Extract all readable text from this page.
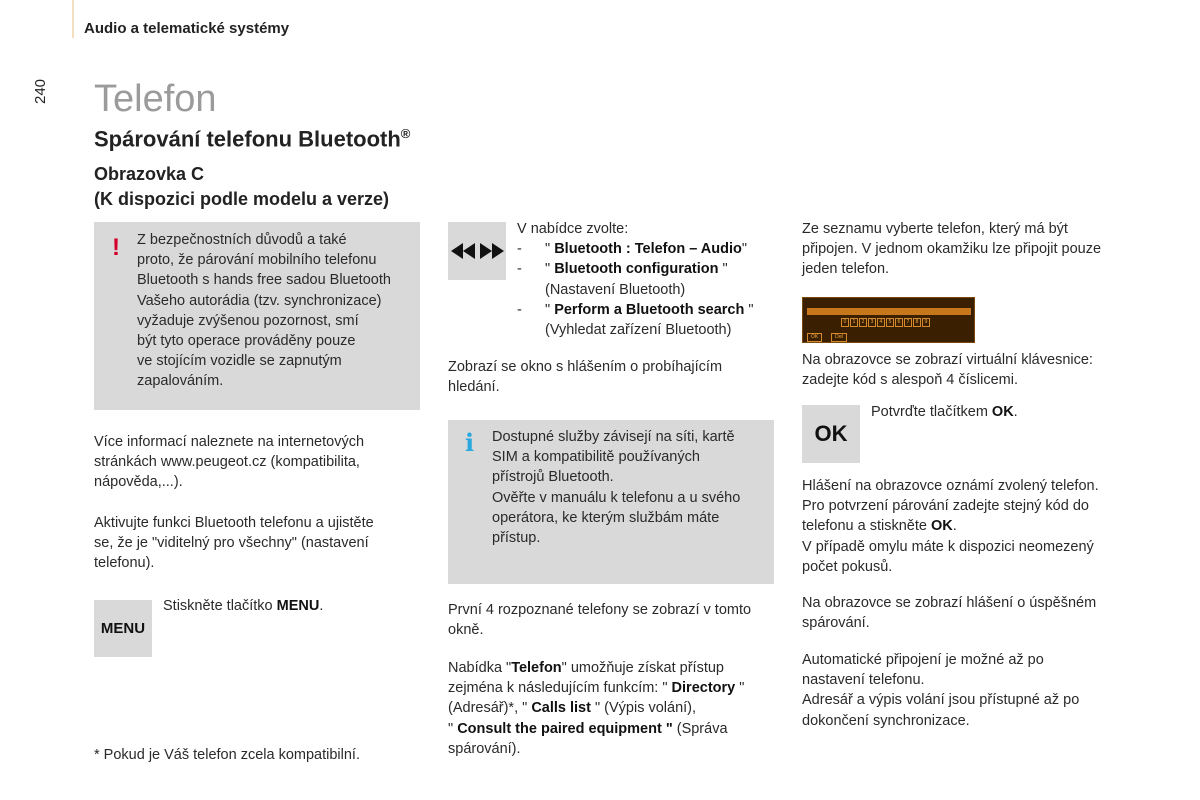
Audio a telematické systémy
240 Telefon
Spárování telefonu Bluetooth®
Obrazovka C
(K dispozici podle modelu a verze)
! Z bezpečnostních důvodů a také
proto, že párování mobilního telefonu
Bluetooth s hands free sadou Bluetooth
Vašeho autorádia (tzv. synchronizace)
vyžaduje zvýšenou pozornost, smí
být tyto operace prováděny pouze
ve stojícím vozidle se zapnutým
zapalováním.
Více informací naleznete na internetových
stránkách www.peugeot.cz (kompatibilita,
nápověda,...).
Aktivujte funkci Bluetooth telefonu a ujistěte
se, že je "viditelný pro všechny" (nastavení
telefonu).
MENU
Stiskněte tlačítko MENU.
* Pokud je Váš telefon zcela kompatibilní.
V nabídce zvolte:
-	" Bluetooth : Telefon – Audio"
-	" Bluetooth configuration "
(Nastavení Bluetooth)
-	" Perform a Bluetooth search "
(Vyhledat zařízení Bluetooth)
Zobrazí se okno s hlášením o probíhajícím
hledání.
i Dostupné služby závisejí na síti, kartě
SIM a kompatibilitě používaných
přístrojů Bluetooth.
Ověřte v manuálu k telefonu a u svého
operátora, ke kterým službám máte
přístup.
První 4 rozpoznané telefony se zobrazí v tomto
okně.
Nabídka "Telefon" umožňuje získat přístup
zejména k následujícím funkcím: " Directory "
(Adresář)*, " Calls list " (Výpis volání),
" Consult the paired equipment " (Správa
spárování).
Ze seznamu vyberte telefon, který má být
připojen. V jednom okamžiku lze připojit pouze
jeden telefon.
0	1	2	3	4	5	6	7	8	9
OK	Del
Na obrazovce se zobrazí virtuální klávesnice:
zadejte kód s alespoň 4 číslicemi.
OK
Potvrďte tlačítkem OK.
Hlášení na obrazovce oznámí zvolený telefon.
Pro potvrzení párování zadejte stejný kód do
telefonu a stiskněte OK.
V případě omylu máte k dispozici neomezený
počet pokusů.
Na obrazovce se zobrazí hlášení o úspěšném
spárování.
Automatické připojení je možné až po
nastavení telefonu.
Adresář a výpis volání jsou přístupné až po
dokončení synchronizace.
